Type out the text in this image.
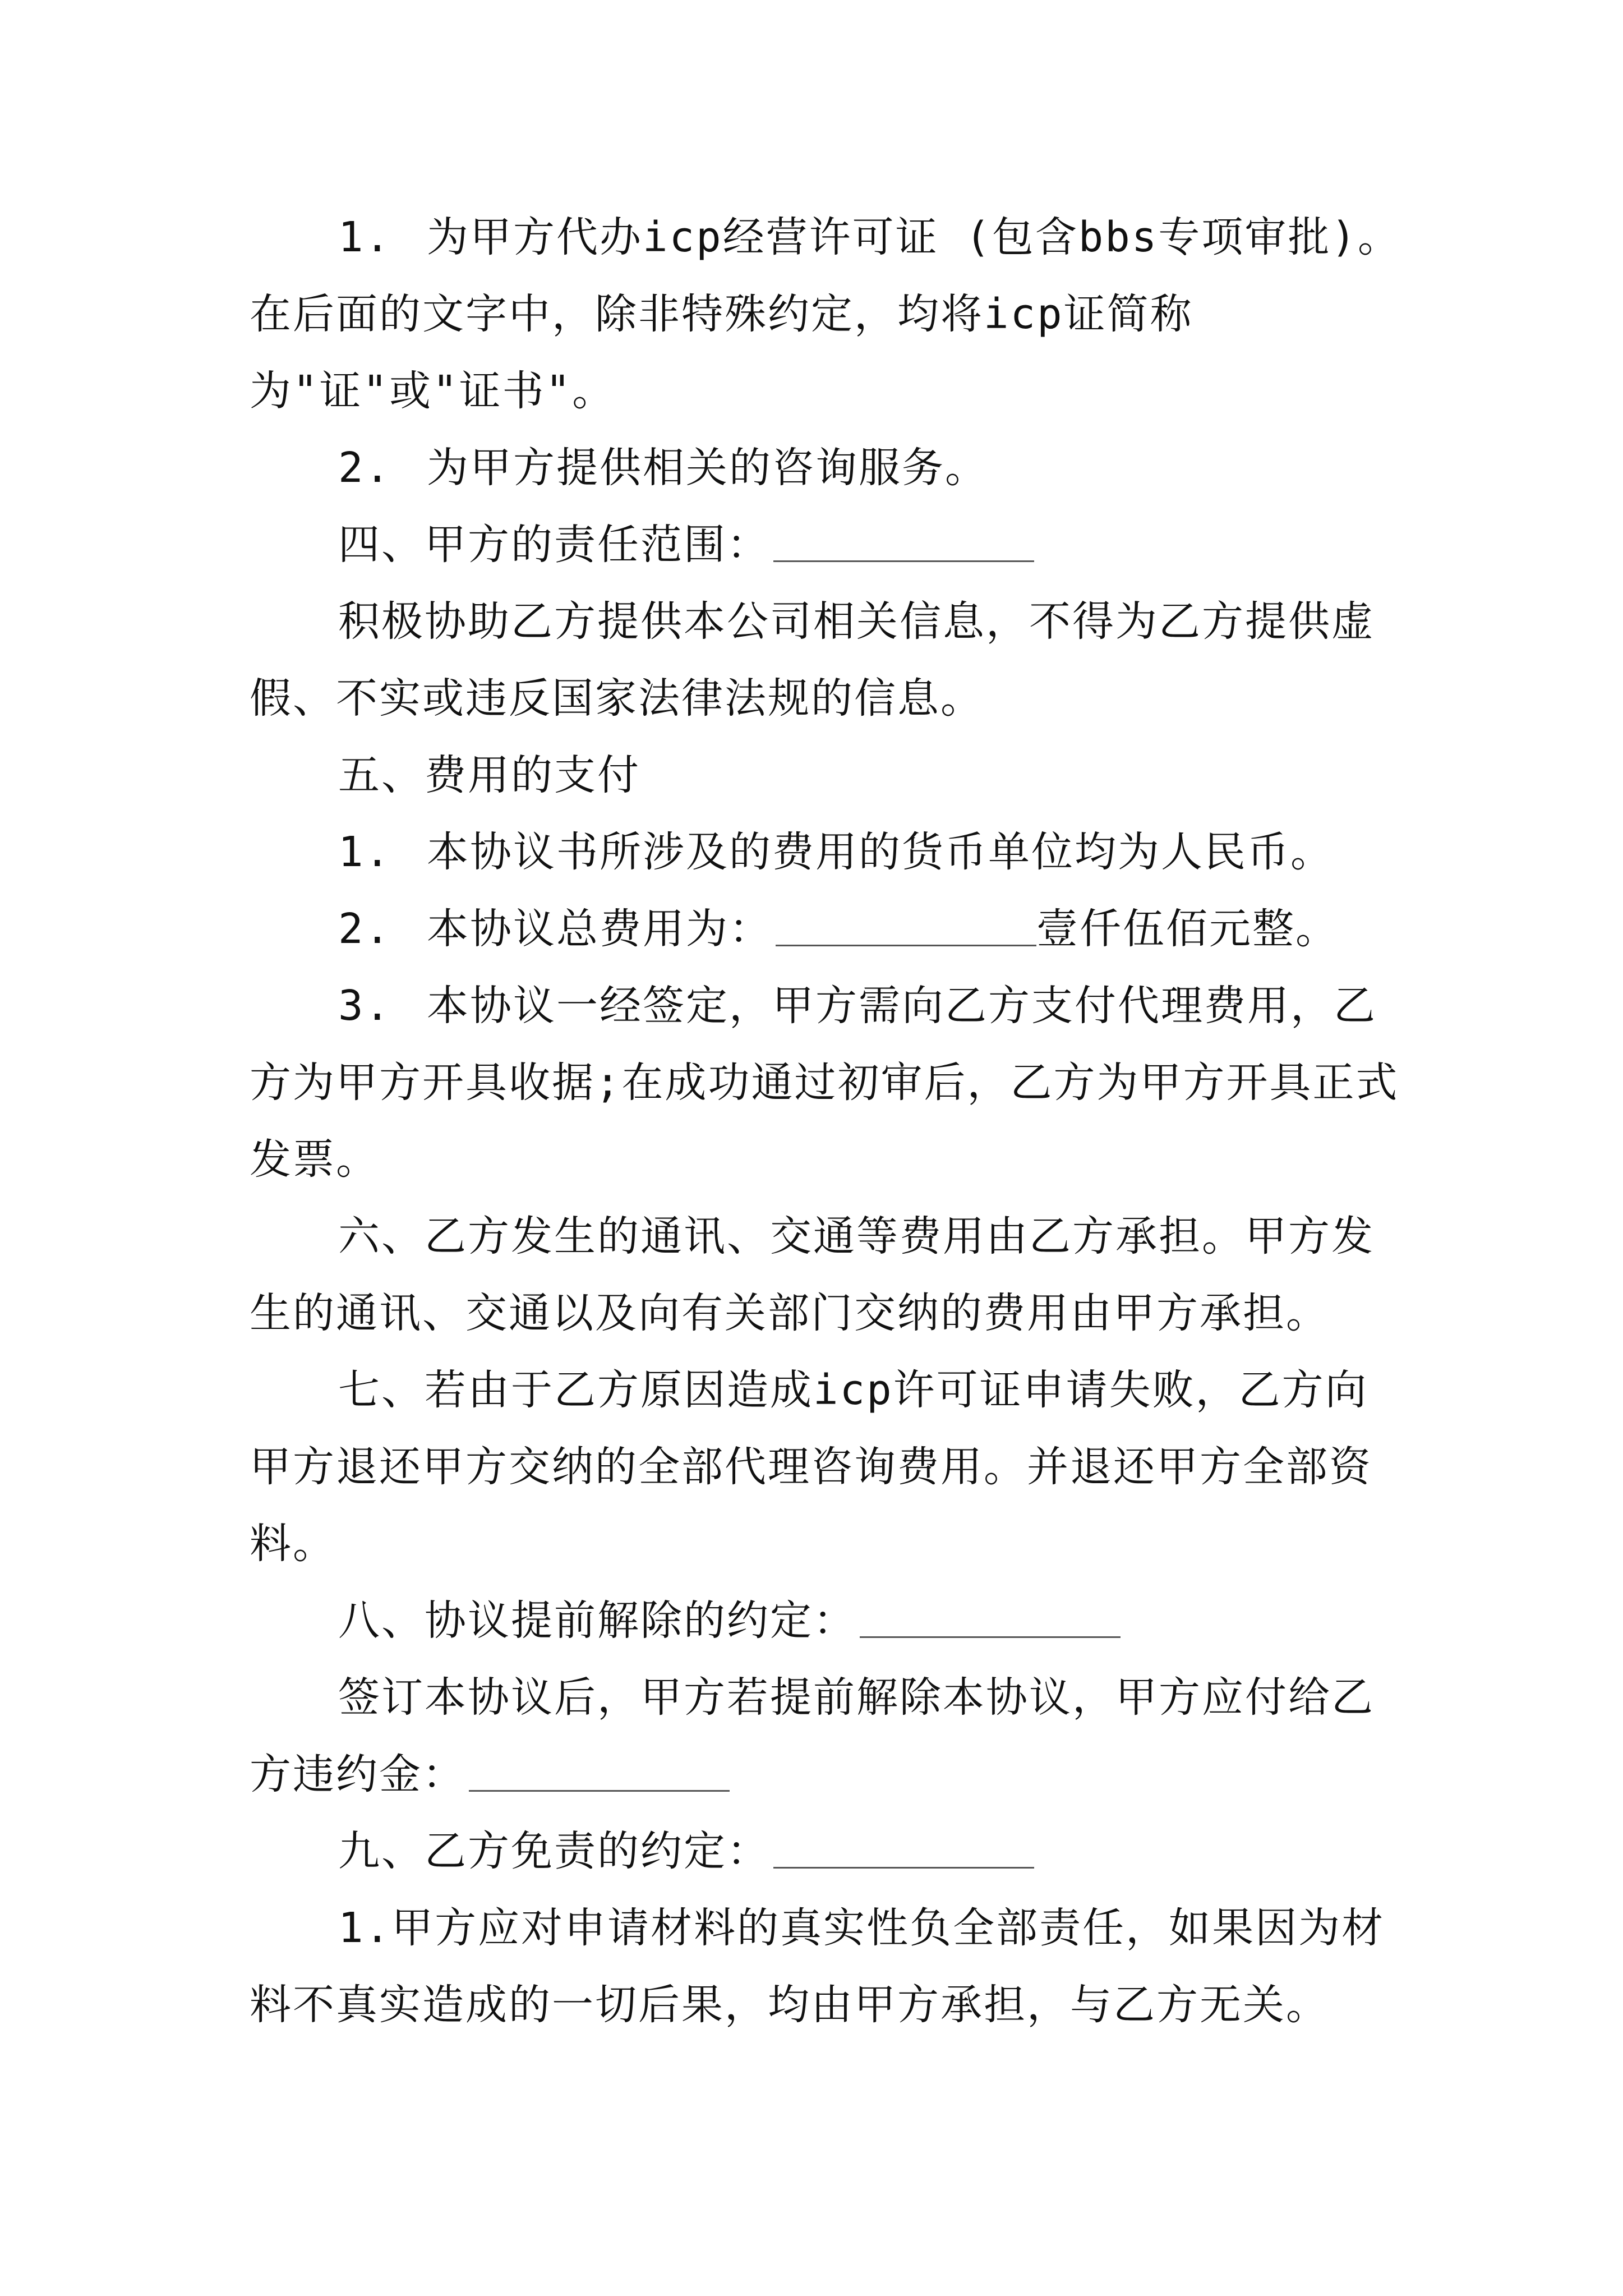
1. 为甲方代办icp经营许可证 (包含bbs专项审批)。在后面的文字中，除非特殊约定，均将icp证简称为"证"或"证书"。

2. 为甲方提供相关的咨询服务。

四、甲方的责任范围：

积极协助乙方提供本公司相关信息，不得为乙方提供虚假、不实或违反国家法律法规的信息。

五、费用的支付

1. 本协议书所涉及的费用的货币单位均为人民币。

2. 本协议总费用为：	壹仟伍佰元整。

3. 本协议一经签定，甲方需向乙方支付代理费用，乙方为甲方开具收据;在成功通过初审后，乙方为甲方开具正式发票。

六、乙方发生的通讯、交通等费用由乙方承担。甲方发生的通讯、交通以及向有关部门交纳的费用由甲方承担。

七、若由于乙方原因造成icp许可证申请失败，乙方向甲方退还甲方交纳的全部代理咨询费用。并退还甲方全部资料。

八、协议提前解除的约定：

签订本协议后，甲方若提前解除本协议，甲方应付给乙方违约金：

九、乙方免责的约定：

1.甲方应对申请材料的真实性负全部责任，如果因为材料不真实造成的一切后果，均由甲方承担，与乙方无关。
